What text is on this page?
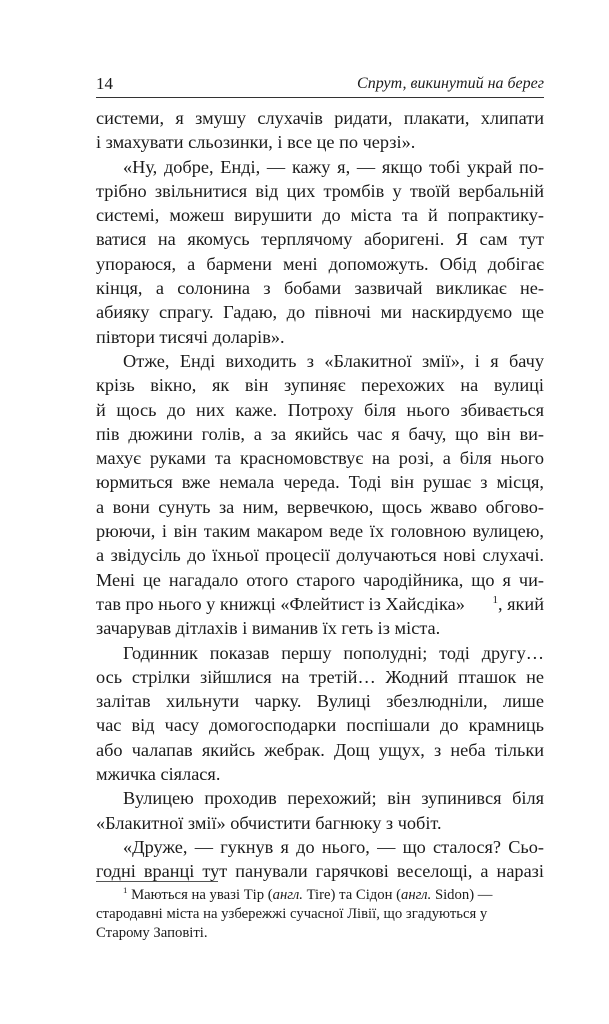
14	Спрут, викинутий на берег
системи, я змушу слухачів ридати, плакати, хлипати
і змахувати сльозинки, і все це по черзі».
«Ну, добре, Енді, — кажу я, — якщо тобі украй по-
трібно звільнитися від цих тромбів у твоїй вербальній
системі, можеш вирушити до міста та й попрактику-
ватися на якомусь терплячому аборигені. Я сам тут
упораюся, а бармени мені допоможуть. Обід добігає
кінця, а солонина з бобами зазвичай викликає не-
абияку спрагу. Гадаю, до півночі ми наскирдуємо ще
півтори тисячі доларів».
Отже, Енді виходить з «Блакитної змії», і я бачу
крізь вікно, як він зупиняє перехожих на вулиці
й щось до них каже. Потроху біля нього збивається
пів дюжини голів, а за якийсь час я бачу, що він ви-
махує руками та красномовствує на розі, а біля нього
юрмиться вже немала череда. Тоді він рушає з місця,
а вони сунуть за ним, вервечкою, щось жваво обгово-
рюючи, і він таким макаром веде їх головною вулицею,
а звідусіль до їхньої процесії долучаються нові слухачі.
Мені це нагадало отого старого чародійника, що я чи-
тав про нього у книжці «Флейтист із Хайсдіка»	$^1$, який
зачарував дітлахів і виманив їх геть із міста.
Годинник показав першу пополудні; тоді другу…
ось стрілки зійшлися на третій… Жодний пташок не
залітав хильнути чарку. Вулиці збезлюдніли, лише
час від часу домогосподарки поспішали до крамниць
або чалапав якийсь жебрак. Дощ ущух, з неба тільки
мжичка сіялася.
Вулицею проходив перехожий; він зупинився біля
«Блакитної змії» обчистити багнюку з чобіт.
«Друже, — гукнув я до нього, — що сталося? Сьо-
годні вранці тут панували гарячкові веселощі, а наразі
$^1$ Маються на увазі Тір (англ. Tire) та Сідон (англ. Sidon) —
стародавні міста на узбережжі сучасної Лівії, що згадуються у
Старому Заповіті.
